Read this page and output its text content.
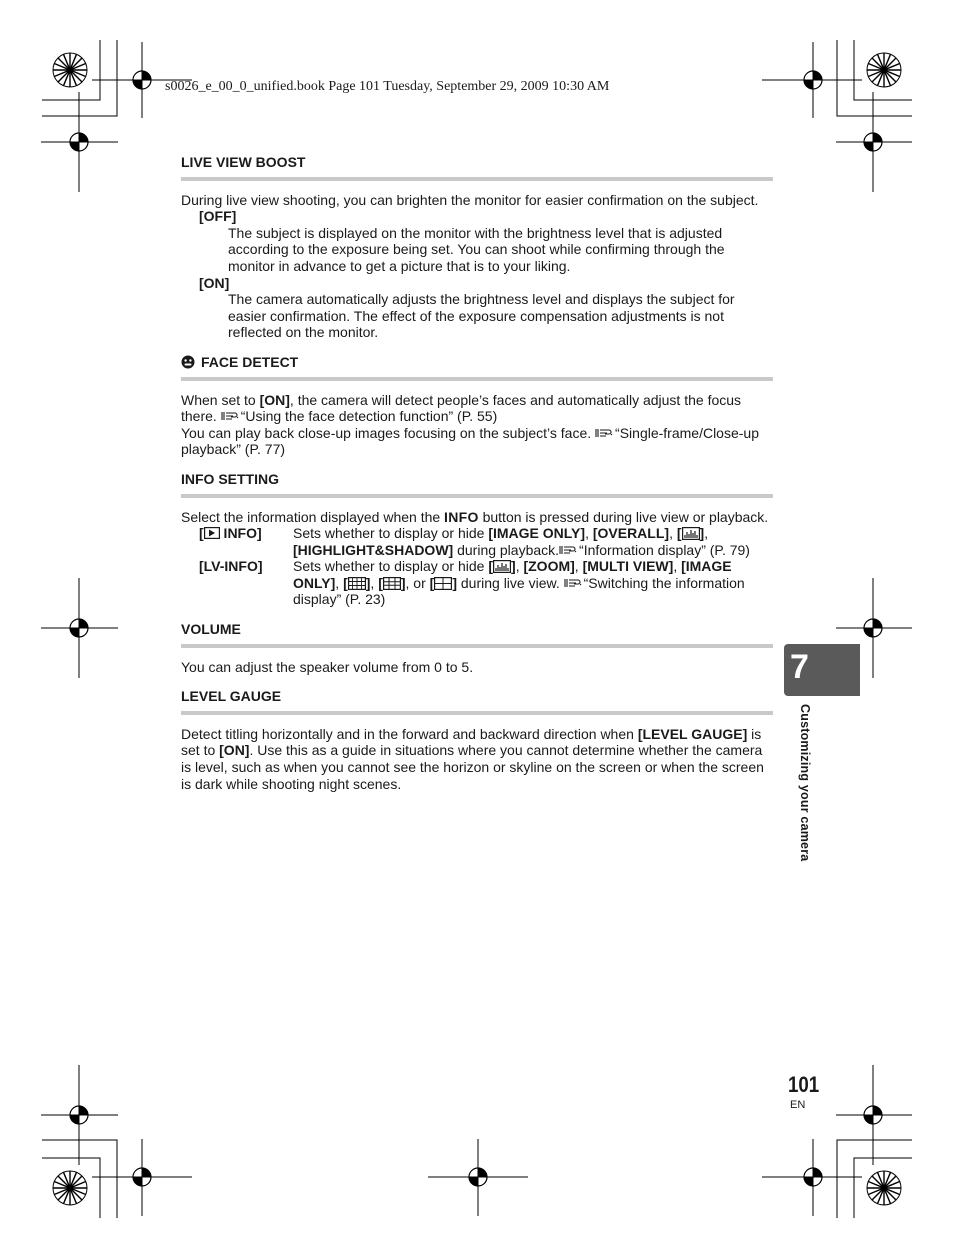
s0026_e_00_0_unified.book Page 101 Tuesday, September 29, 2009 10:30 AM
LIVE VIEW BOOST

During live view shooting, you can brighten the monitor for easier confirmation on the subject.

[OFF]

The subject is displayed on the monitor with the brightness level that is adjusted according to the exposure being set. You can shoot while confirming through the monitor in advance to get a picture that is to your liking.

[ON]

The camera automatically adjusts the brightness level and displays the subject for easier confirmation. The effect of the exposure compensation adjustments is not reflected on the monitor.

FACE DETECT

When set to [ON], the camera will detect people’s faces and automatically adjust the focus there. “Using the face detection function” (P. 55)

You can play back close-up images focusing on the subject’s face. “Single-frame/Close-up playback” (P. 77)

INFO SETTING

Select the information displayed when the INFO button is pressed during live view or playback.

[ INFO]	Sets whether to display or hide [IMAGE ONLY], [OVERALL], [ ], [HIGHLIGHT&SHADOW] during playback. “Information display” (P. 79)
[LV-INFO]	Sets whether to display or hide [ ], [ZOOM], [MULTI VIEW], [IMAGE ONLY], [ ], [ ], or [ ] during live view. “Switching the information display” (P. 23)
VOLUME

You can adjust the speaker volume from 0 to 5.

LEVEL GAUGE

Detect titling horizontally and in the forward and backward direction when [LEVEL GAUGE] is set to [ON]. Use this as a guide in situations where you cannot determine whether the camera is level, such as when you cannot see the horizon or skyline on the screen or when the screen is dark while shooting night scenes.

7
Customizing your camera
101
EN
